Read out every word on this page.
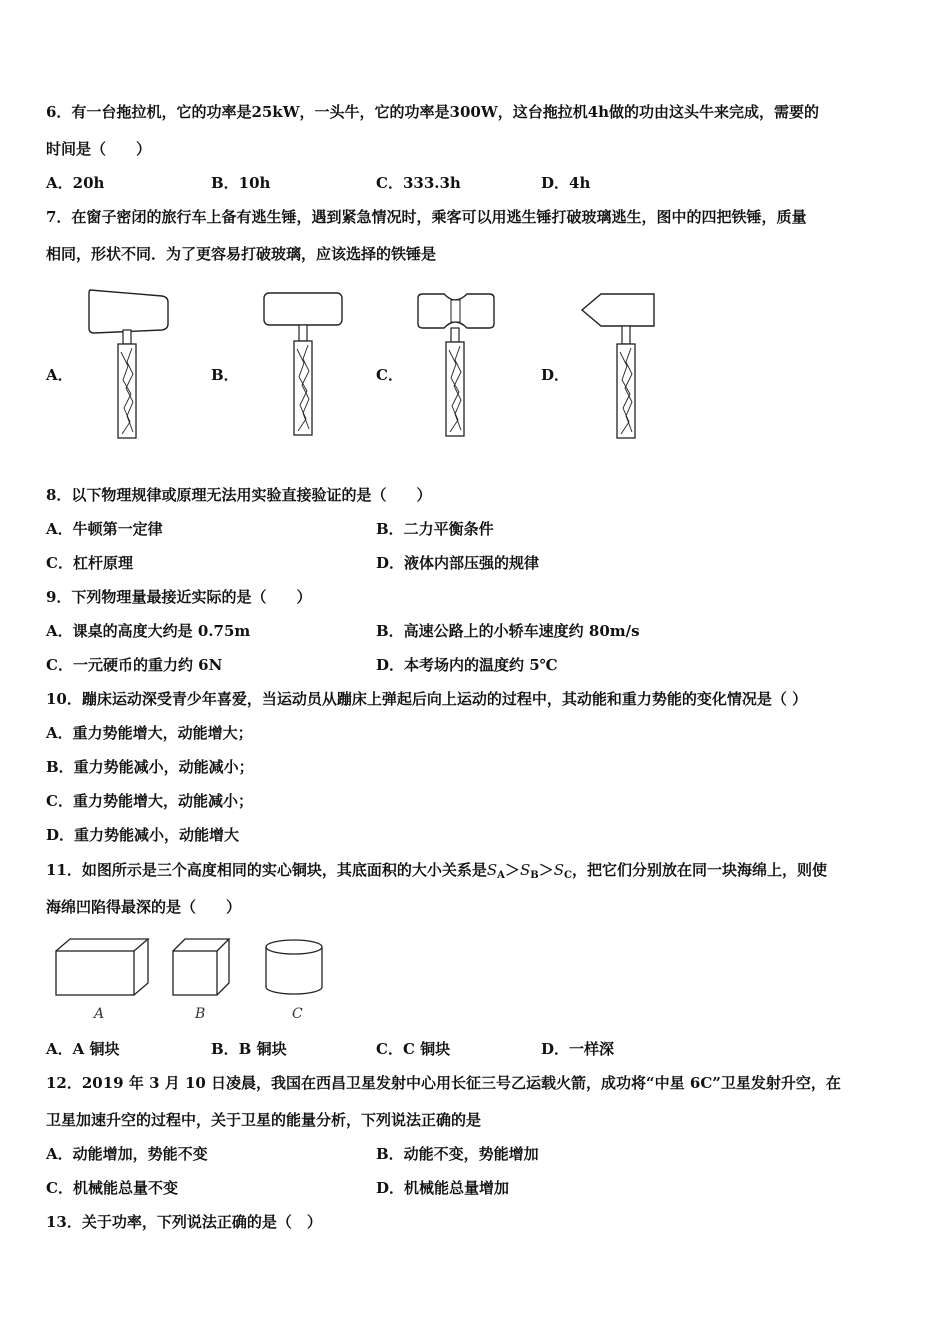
6．有一台拖拉机，它的功率是25kW，一头牛，它的功率是300W，这台拖拉机4h做的功由这头牛来完成，需要的
时间是（　　）
A．20h	B．10h	C．333.3h	D．4h
7．在窗子密闭的旅行车上备有逃生锤，遇到紧急情况时，乘客可以用逃生锤打破玻璃逃生，图中的四把铁锤，质量
相同，形状不同．为了更容易打破玻璃，应该选择的铁锤是
A．	B．	C．	D．
8．以下物理规律或原理无法用实验直接验证的是（　　）
A．牛顿第一定律	B．二力平衡条件
C．杠杆原理	D．液体内部压强的规律
9．下列物理量最接近实际的是（　　）
A．课桌的高度大约是 0.75m	B．高速公路上的小轿车速度约 80m/s
C．一元硬币的重力约 6N	D．本考场内的温度约 5℃
10．蹦床运动深受青少年喜爱，当运动员从蹦床上弹起后向上运动的过程中，其动能和重力势能的变化情况是（ ）
A．重力势能增大，动能增大；
B．重力势能减小，动能减小；
C．重力势能增大，动能减小；
D．重力势能减小，动能增大
11．如图所示是三个高度相同的实心铜块，其底面积的大小关系是$S_A>S_B>S_C$，把它们分别放在同一块海绵上，则使
海绵凹陷得最深的是（　　）
A	B	C
A．A 铜块	B．B 铜块	C．C 铜块	D．一样深
12．2019 年 3 月 10 日凌晨，我国在西昌卫星发射中心用长征三号乙运载火箭，成功将“中星 6C”卫星发射升空，在
卫星加速升空的过程中，关于卫星的能量分析，下列说法正确的是
A．动能增加，势能不变	B．动能不变，势能增加
C．机械能总量不变	D．机械能总量增加
13．关于功率，下列说法正确的是（　）
